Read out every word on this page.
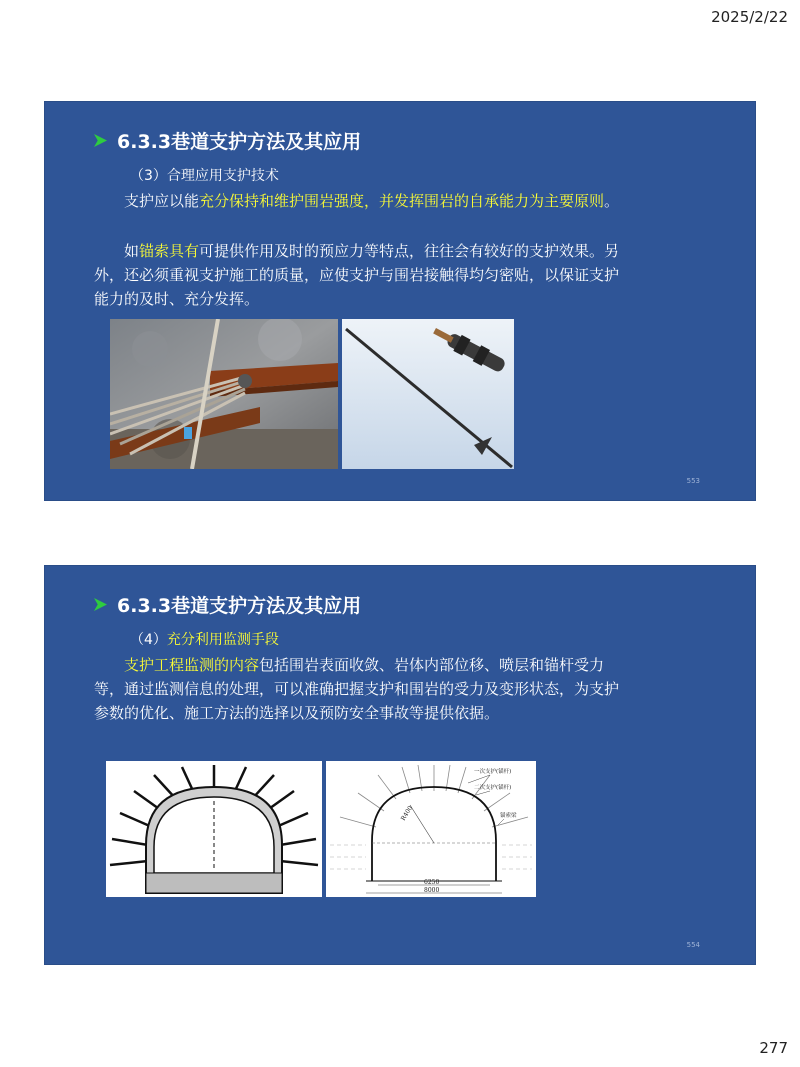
2025/2/22
6.3.3巷道支护方法及其应用
（3）合理应用支护技术
支护应以能充分保持和维护围岩强度，并发挥围岩的自承能力为主要原则。
如锚索具有可提供作用及时的预应力等特点，往往会有较好的支护效果。另外，还必须重视支护施工的质量，应使支护与围岩接触得均匀密贴，以保证支护能力的及时、充分发挥。
553
6.3.3巷道支护方法及其应用
（4）充分利用监测手段
支护工程监测的内容包括围岩表面收敛、岩体内部位移、喷层和锚杆受力等，通过监测信息的处理，可以准确把握支护和围岩的受力及变形状态，为支护参数的优化、施工方法的选择以及预防安全事故等提供依据。
R400
6250
8000
一次支护(锚杆)
二次支护(锚杆)
锚索梁
554
277
